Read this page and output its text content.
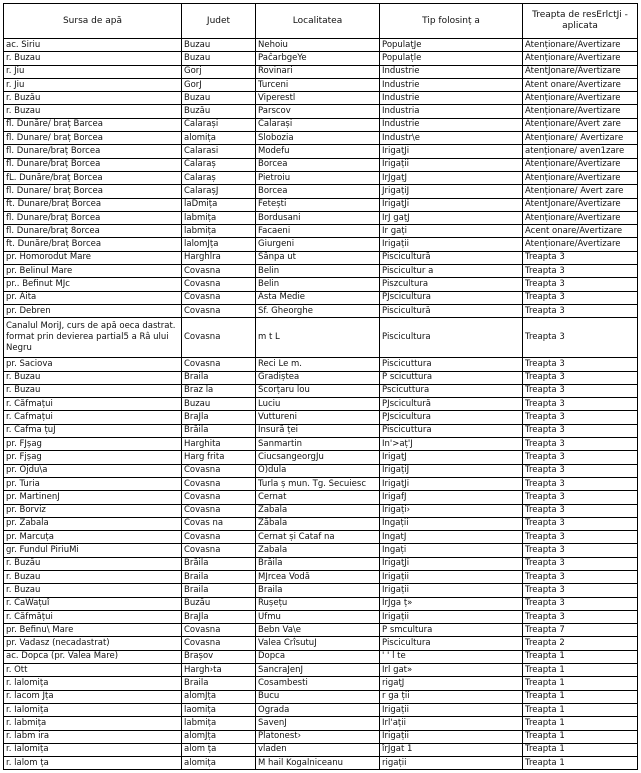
Sursa de apă	Judet	Localitatea	Tip folosinț a	Treapta de resErlctJi - aplicata
ac. Siriu	Buzau	Nehoiu	PopulațJe	Atenționare/Avertizare
r. Buzau	Buzau	PaĉarbgeYe	Populațle	Atenționare/Avertizare
r. Jiu	Gorj	Rovinari	Industrie	AtentJonare/Avertizare
r. Jiu	GorJ	Turceni	Industrie	Atent onare/Avertizare
r. Buzău	Buzau	Viperestl	Industrie	Atenționare/Avertizare
r. Buzau	Buzău	Parscov	Industria	Atenționare/Avertizare
fl. Dunăre/ braț Barcea	Calarași	Calarași	Industrie	Atenționare/Avert zare
fl. Dunare/ braț Borcea	alomița	Slobozia	Industr\e	Atenționare/ Avertizare
fl. Dunare/braț Borcea	Calarasi	Modefu	IrigațJi	atenționare/ aven1zare
fl. Dunare/braț Borcea	Calaraș	Borcea	Irigații	Atenționare/Avertizare
fL. Dunăre/braț Borcea	Calaraș	Pietroiu	IrJgațJ	Atenționare/Avertizare
fl. Dunare/ braț Borcea	CalarașJ	Borcea	JrigațiJ	Atenționare/ Avert zare
ft. Dunare/braț Borcea	laDmița	Fetești	IrigațJi	AtentJonare/Avertizare
fl. Dunare/braț Borcea	labmița	Bordusani	IrJ gațJ	Atenționare/Avertizare
fl. Dunare/braț 8orcea	labmița	Facaeni	Ir gați	Acent onare/Avertizare
ft. Dunăre/braț Borcea	lalomJța	Giurgeni	Irigații	Atenționare/Avertizare
pr. Homorodut Mare	Harghlra	Sânpa ut	Piscicultură	Treapta 3
pr. Belinul Mare	Covasna	Belin	Piscicultur a	Treapta 3
pr.. Befinut MJc	Covasna	Belin	Piszcultura	Treapta 3
pr. Aita	Covasna	Asta Medie	PJscicultura	Treapta 3
pr. Debren	Covasna	Sf. Gheorghe	Piscicultură	Treapta 3
Canalul MoriJ, curs de apă oeca dastrat. format prin devierea partial5 a Râ ului Negru	Covasna	m t L	Piscicultura	Treapta 3
pr. Saciova	Covasna	Reci Le m.	Piscicuttura	Treapta 3
r. Buzau	Braila	Gradiștea	P scicuttura	Treapta 3
r. Buzau	Braz la	Scorțaru lou	Pscicuttura	Treapta 3
r. Căfmațui	Buzau	Luciu	PJscicultură	Treapta 3
r. Cafmațui	BraJla	Vuttureni	PJscicultura	Treapta 3
r. Cafma țuJ	Brăila	Insură ței	Piscicuttura	Treapta 3
pr. FJșag	Harghita	Sanmartin	In'>aț'J	Treapta 3
pr. Fjșag	Harg frita	CiucsangeorgJu	IrigațJ	Treapta 3
pr. Ojdu\a	Covasna	O)dula	IrigațiJ	Treapta 3
pr. Turia	Covasna	Turla ș mun. Tg. Secuiesc	IrigațJi	Treapta 3
pr. MartinenJ	Covasna	Cernat	IrigafJ	Treapta 3
pr. Borviz	Covasna	Zabala	Irigați›	Treapta 3
pr. Zabala	Covas na	Zăbala	Ingații	Treapta 3
pr. Marcuța	Covasna	Cernat și Cataf na	IngatJ	Treapta 3
gr. Fundul PiriuMi	Covasna	Zabala	Ingați	Treapta 3
r. Buzău	Brăila	Brăila	IrigațJi	Treapta 3
r. Buzau	Braila	MJrcea Vodă	Irigații	Treapta 3
r. Buzau	Braila	Braila	Irigații	Treapta 3
r. CaWațuî	Buzău	Rușețu	IrJga ț»	Treapta 3
r. Căfmățui	BraJla	Ufmu	Irigații	Treapta 3
pr. Befinu\ Mare	Covasna	Bebn Va\e	P smcultura	Treapta 7
pr. Vadasz (necadastrat)	Covasna	Valea CrîsutuJ	Piscicultura	Treapta 2
ac. Dopca (pr. Valea Mare)	Brașov	Dopca	' ' l te	Treapta 1
r. Ott	Hargh›ta	SancraJenJ	Irl gat»	Treapta 1
r. lalomița	Braila	Cosambesti	rigațJ	Treapta 1
r. lacom Jța	alomJța	Bucu	r ga ții	Treapta 1
r. Ialomița	laomița	Ograda	Irigații	Treapta 1
r. labmița	labmița	SavenJ	Irl'ații	Treapta 1
r. labm ira	alomJța	Platonest›	Irigații	Treapta 1
r. Ialomița	alom ța	vladen	îrJgat 1	Treapta 1
r. lalom ța	alomița	M hail Kogalniceanu	rigații	Treapta 1
